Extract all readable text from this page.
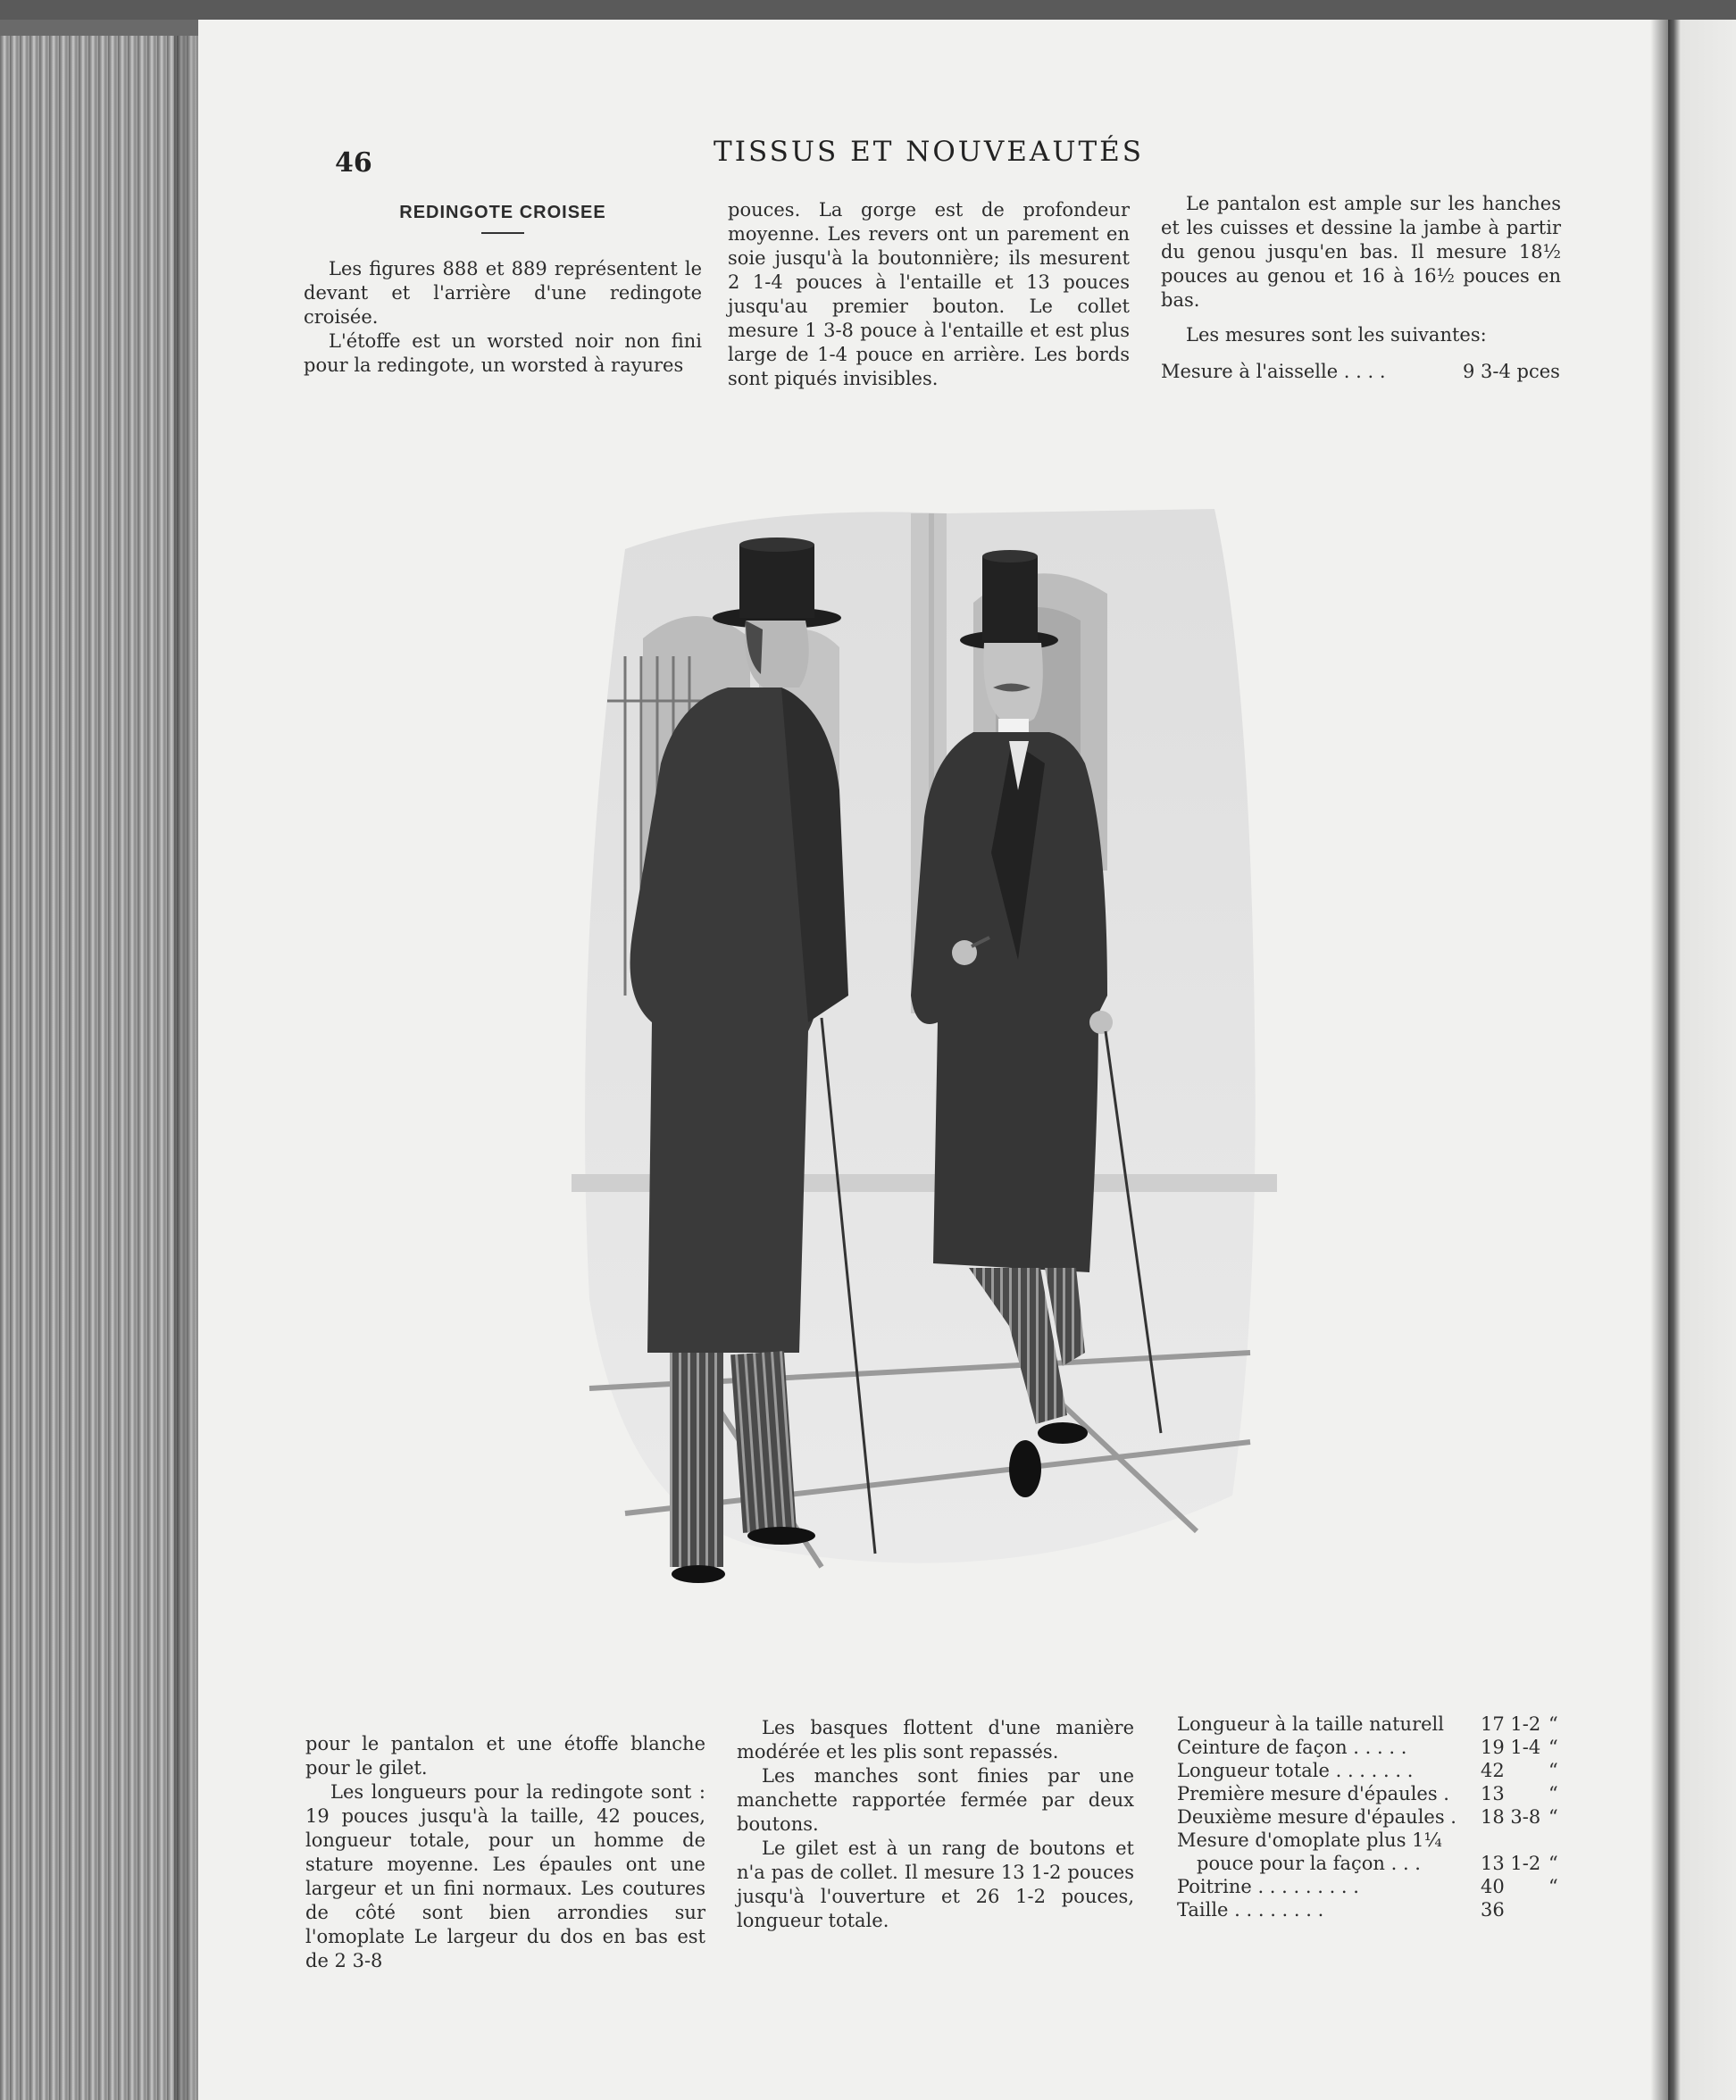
46	TISSUS ET NOUVEAUTÉS
REDINGOTE CROISEE

Les figures 888 et 889 représentent le devant et l'arrière d'une redingote croisée.

L'étoffe est un worsted noir non fini pour la redingote, un worsted à rayures

pouces. La gorge est de profondeur moyenne. Les revers ont un parement en soie jusqu'à la boutonnière; ils mesurent 2 1-4 pouces à l'entaille et 13 pouces jusqu'au premier bouton. Le collet mesure 1 3-8 pouce à l'entaille et est plus large de 1-4 pouce en arrière. Les bords sont piqués invisibles.

Le pantalon est ample sur les hanches et les cuisses et dessine la jambe à partir du genou jusqu'en bas. Il mesure 18½ pouces au genou et 16 à 16½ pouces en bas.

Les mesures sont les suivantes:

Mesure à l'aisselle . . . .	9 3-4 pces

pour le pantalon et une étoffe blanche pour le gilet.

Les longueurs pour la redingote sont : 19 pouces jusqu'à la taille, 42 pouces, longueur totale, pour un homme de stature moyenne. Les épaules ont une largeur et un fini normaux. Les coutures de côté sont bien arrondies sur l'omoplate Le largeur du dos en bas est de 2 3-8

Les basques flottent d'une manière modérée et les plis sont repassés.

Les manches sont finies par une manchette rapportée fermée par deux boutons.

Le gilet est à un rang de boutons et n'a pas de collet. Il mesure 13 1-2 pouces jusqu'à l'ouverture et 26 1-2 pouces, longueur totale.

Longueur à la taille naturell 17 1-2 “
Ceinture de façon . . . . .	19 1-4 “
Longueur totale . . . . . . .	42 “
Première mesure d'épaules . 13 “
Deuxième mesure d'épaules . 18 3-8 “
Mesure d'omoplate plus 1¼
pouce pour la façon . . .	13 1-2 “
Poitrine . . . . . . . . .	40 “
Taille . . . . . . . .	36
